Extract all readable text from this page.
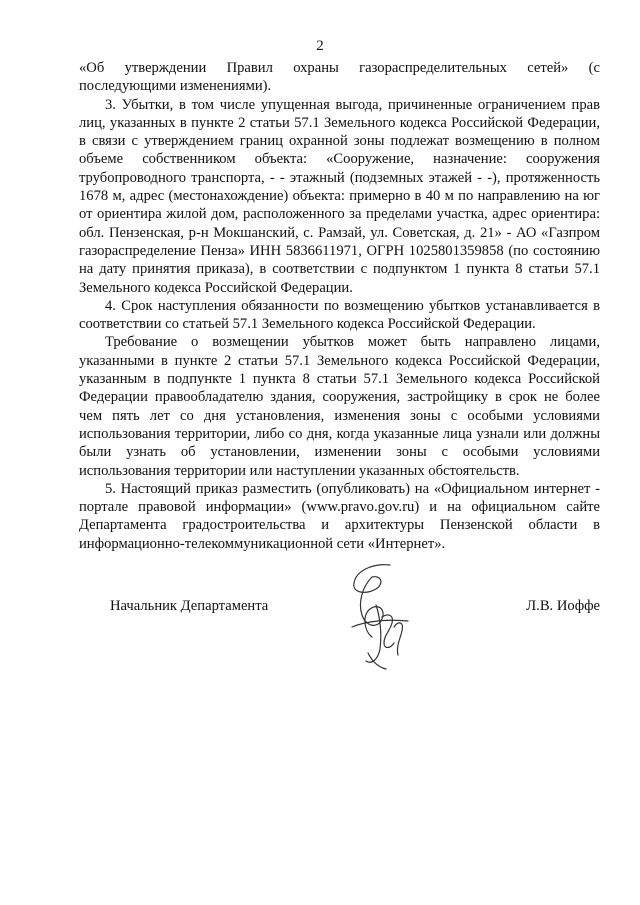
2

«Об утверждении Правил охраны газораспределительных сетей» (с последующими изменениями).

3. Убытки, в том числе упущенная выгода, причиненные ограничением прав лиц, указанных в пункте 2 статьи 57.1 Земельного кодекса Российской Федерации, в связи с утверждением границ охранной зоны подлежат возмещению в полном объеме собственником объекта: «Сооружение, назначение: сооружения трубопроводного транспорта, - - этажный (подземных этажей - -), протяженность 1678 м, адрес (местонахождение) объекта: примерно в 40 м по направлению на юг от ориентира жилой дом, расположенного за пределами участка, адрес ориентира: обл. Пензенская, р-н Мокшанский, с. Рамзай, ул. Советская, д. 21» - АО «Газпром газораспределение Пенза» ИНН 5836611971, ОГРН 1025801359858 (по состоянию на дату принятия приказа), в соответствии с подпунктом 1 пункта 8 статьи 57.1 Земельного кодекса Российской Федерации.

4. Срок наступления обязанности по возмещению убытков устанавливается в соответствии со статьей 57.1 Земельного кодекса Российской Федерации.

Требование о возмещении убытков может быть направлено лицами, указанными в пункте 2 статьи 57.1 Земельного кодекса Российской Федерации, указанным в подпункте 1 пункта 8 статьи 57.1 Земельного кодекса Российской Федерации правообладателю здания, сооружения, застройщику в срок не более чем пять лет со дня установления, изменения зоны с особыми условиями использования территории, либо со дня, когда указанные лица узнали или должны были узнать об установлении, изменении зоны с особыми условиями использования территории или наступлении указанных обстоятельств.

5. Настоящий приказ разместить (опубликовать) на «Официальном интернет - портале правовой информации» (www.pravo.gov.ru) и на официальном сайте Департамента градостроительства и архитектуры Пензенской области в информационно-телекоммуникационной сети «Интернет».

Начальник Департамента	Л.В. Иоффе
